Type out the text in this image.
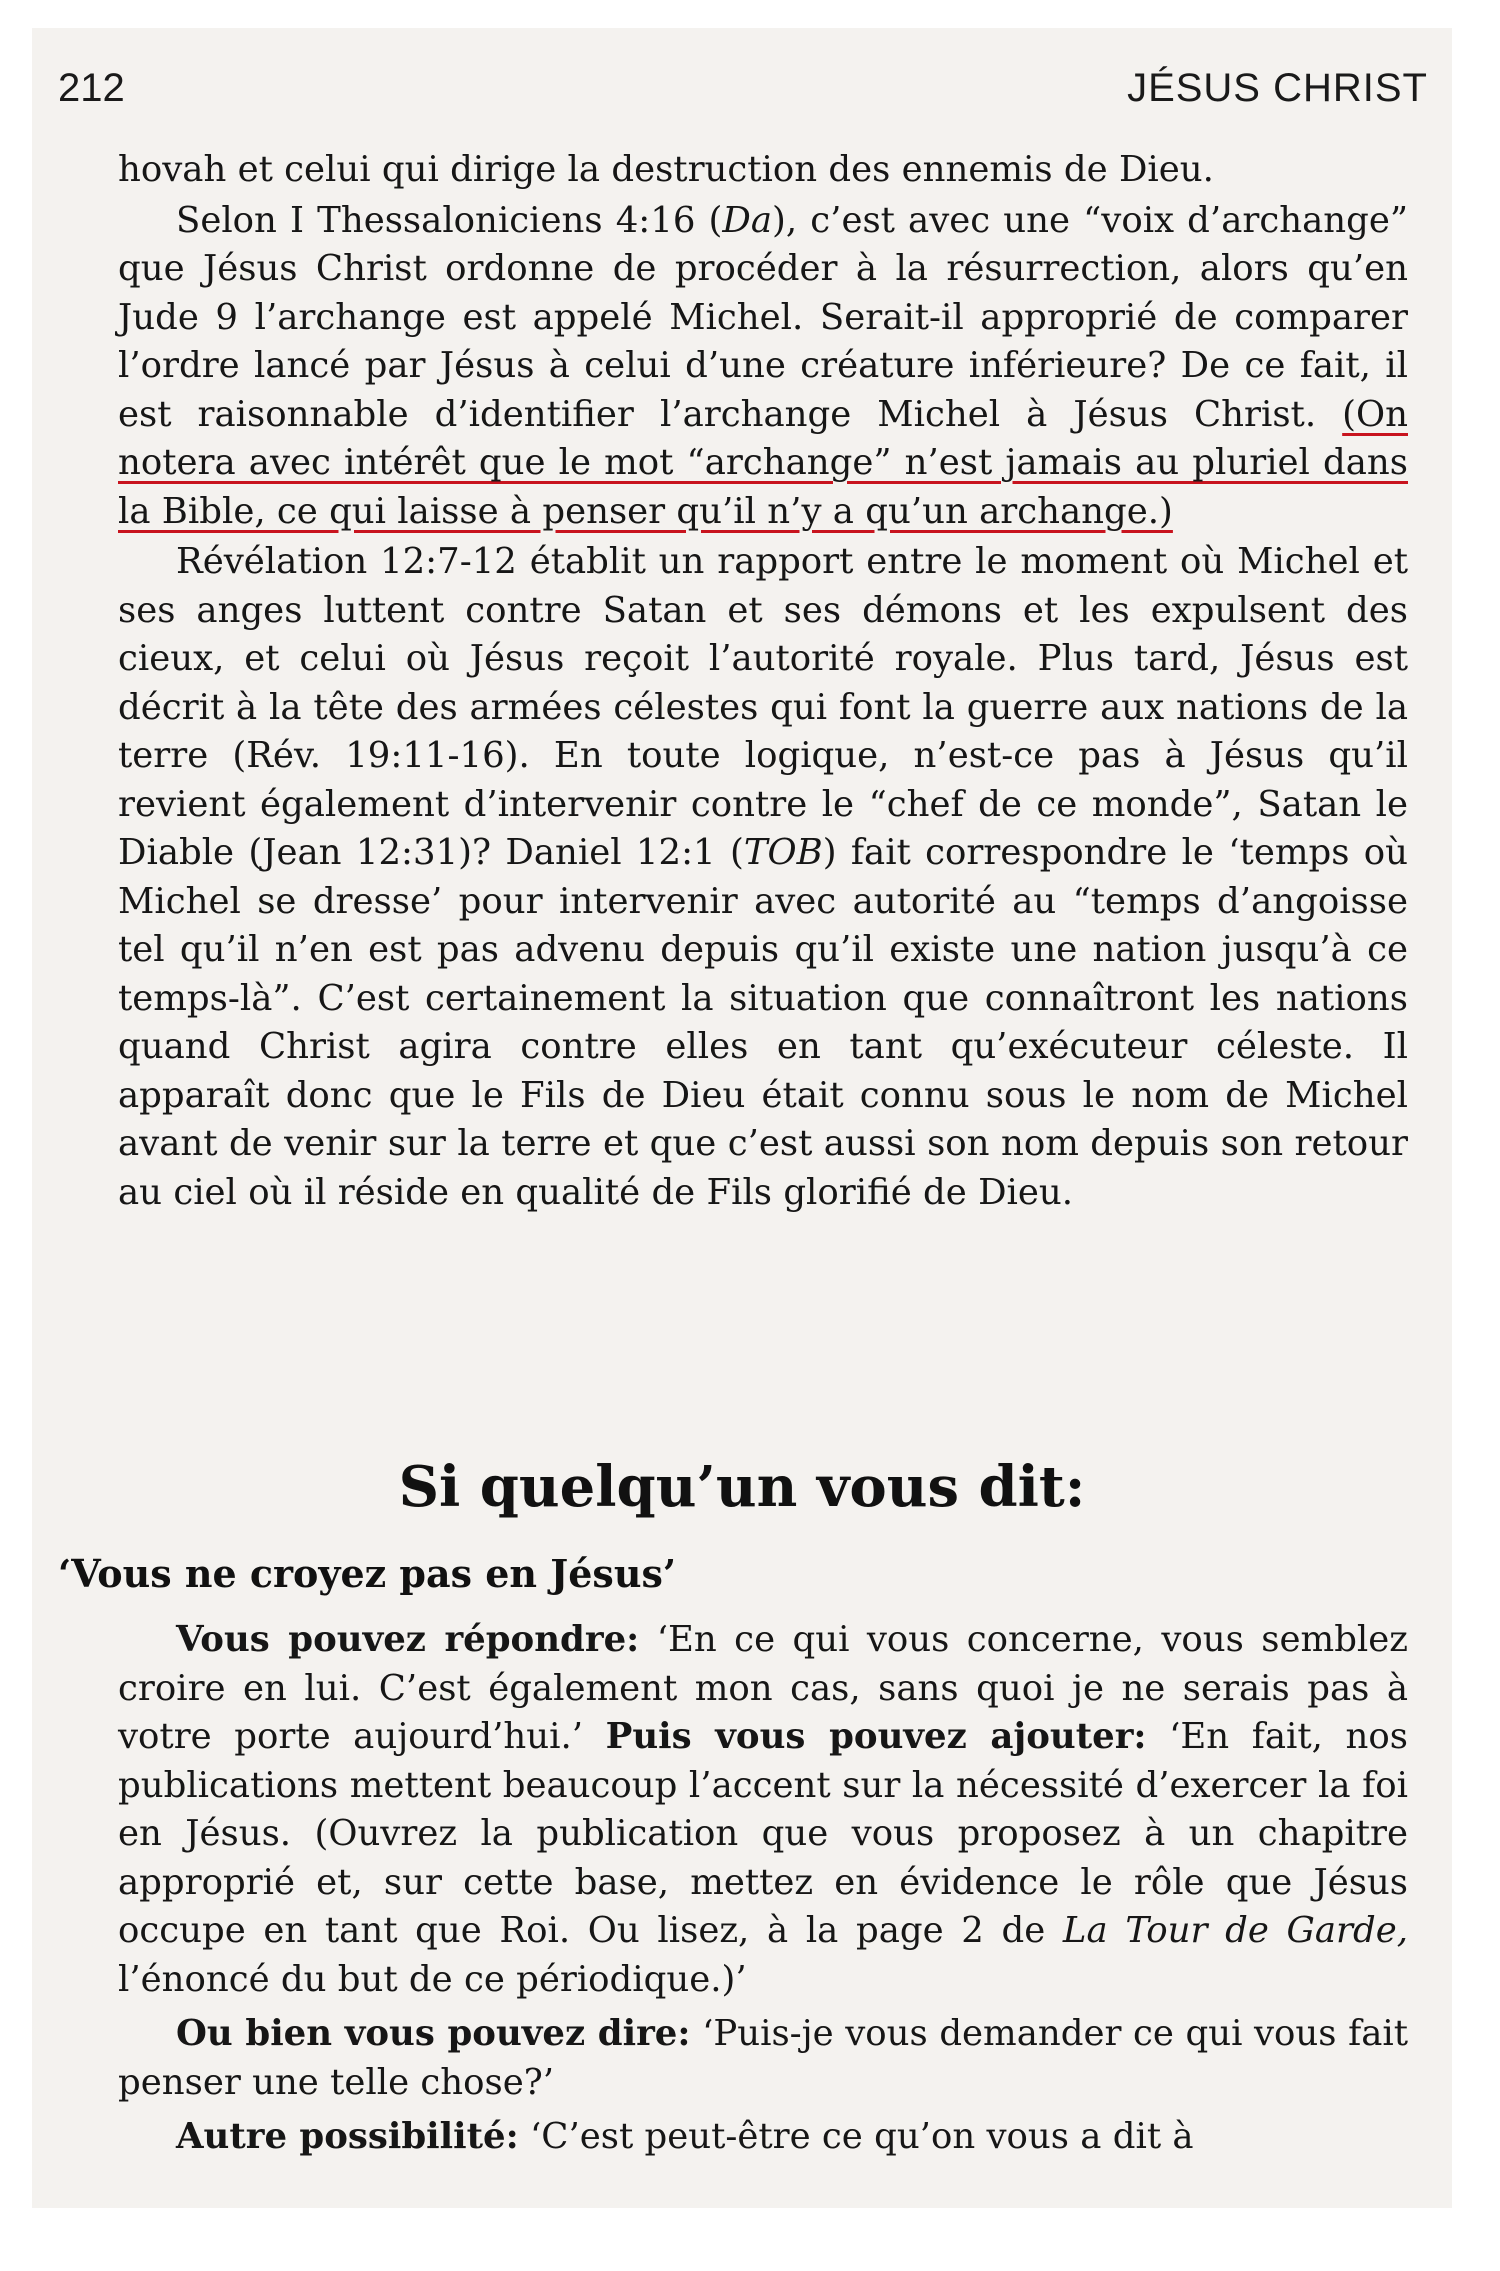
212	JÉSUS CHRIST

hovah et celui qui dirige la destruction des ennemis de Dieu.

Selon I Thessaloniciens 4:16 (Da), c’est avec une “voix d’archange” que Jésus Christ ordonne de procéder à la résurrection, alors qu’en Jude 9 l’archange est appelé Michel. Serait-il approprié de comparer l’ordre lancé par Jésus à celui d’une créature inférieure? De ce fait, il est raisonnable d’identifier l’archange Michel à Jésus Christ. (On notera avec intérêt que le mot “archange” n’est jamais au pluriel dans la Bible, ce qui laisse à penser qu’il n’y a qu’un archange.)

Révélation 12:7-12 établit un rapport entre le moment où Michel et ses anges luttent contre Satan et ses démons et les expulsent des cieux, et celui où Jésus reçoit l’autorité royale. Plus tard, Jésus est décrit à la tête des armées célestes qui font la guerre aux nations de la terre (Rév. 19:11-16). En toute logique, n’est-ce pas à Jésus qu’il revient également d’intervenir contre le “chef de ce monde”, Satan le Diable (Jean 12:31)? Daniel 12:1 (TOB) fait correspondre le ‘temps où Michel se dresse’ pour intervenir avec autorité au “temps d’angoisse tel qu’il n’en est pas advenu depuis qu’il existe une nation jusqu’à ce temps-là”. C’est certainement la situation que connaîtront les nations quand Christ agira contre elles en tant qu’exécuteur céleste. Il apparaît donc que le Fils de Dieu était connu sous le nom de Michel avant de venir sur la terre et que c’est aussi son nom depuis son retour au ciel où il réside en qualité de Fils glorifié de Dieu.

Si quelqu’un vous dit:
‘Vous ne croyez pas en Jésus’

Vous pouvez répondre: ‘En ce qui vous concerne, vous semblez croire en lui. C’est également mon cas, sans quoi je ne serais pas à votre porte aujourd’hui.’ Puis vous pouvez ajouter: ‘En fait, nos publications mettent beaucoup l’accent sur la nécessité d’exercer la foi en Jésus. (Ouvrez la publication que vous proposez à un chapitre approprié et, sur cette base, mettez en évidence le rôle que Jésus occupe en tant que Roi. Ou lisez, à la page 2 de La Tour de Garde, l’énoncé du but de ce périodique.)’

Ou bien vous pouvez dire: ‘Puis-je vous demander ce qui vous fait penser une telle chose?’

Autre possibilité: ‘C’est peut-être ce qu’on vous a dit à
